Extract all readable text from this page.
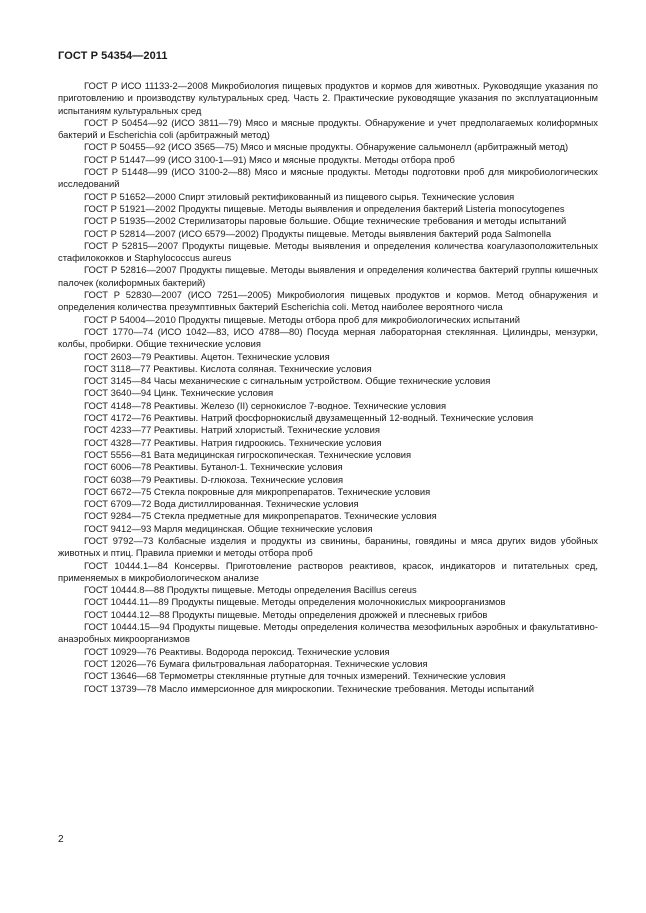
ГОСТ Р 54354—2011

ГОСТ Р ИСО 11133-2—2008 Микробиология пищевых продуктов и кормов для животных. Руководящие указания по приготовлению и производству культуральных сред. Часть 2. Практические руководящие указания по эксплуатационным испытаниям культуральных сред

ГОСТ Р 50454—92 (ИСО 3811—79) Мясо и мясные продукты. Обнаружение и учет предполагаемых колиформных бактерий и Escherichia coli (арбитражный метод)

ГОСТ Р 50455—92 (ИСО 3565—75) Мясо и мясные продукты. Обнаружение сальмонелл (арбитражный метод)

ГОСТ Р 51447—99 (ИСО 3100-1—91) Мясо и мясные продукты. Методы отбора проб

ГОСТ Р 51448—99 (ИСО 3100-2—88) Мясо и мясные продукты. Методы подготовки проб для микробиологических исследований

ГОСТ Р 51652—2000 Спирт этиловый ректификованный из пищевого сырья. Технические условия

ГОСТ Р 51921—2002 Продукты пищевые. Методы выявления и определения бактерий Listeria monocytogenes

ГОСТ Р 51935—2002 Стерилизаторы паровые большие. Общие технические требования и методы испытаний

ГОСТ Р 52814—2007 (ИСО 6579—2002) Продукты пищевые. Методы выявления бактерий рода Salmonella

ГОСТ Р 52815—2007 Продукты пищевые. Методы выявления и определения количества коагулазоположительных стафилококков и Staphylococcus aureus

ГОСТ Р 52816—2007 Продукты пищевые. Методы выявления и определения количества бактерий группы кишечных палочек (колиформных бактерий)

ГОСТ Р 52830—2007 (ИСО 7251—2005) Микробиология пищевых продуктов и кормов. Метод обнаружения и определения количества презумптивных бактерий Escherichia coli. Метод наиболее вероятного числа

ГОСТ Р 54004—2010 Продукты пищевые. Методы отбора проб для микробиологических испытаний

ГОСТ 1770—74 (ИСО 1042—83, ИСО 4788—80) Посуда мерная лабораторная стеклянная. Цилиндры, мензурки, колбы, пробирки. Общие технические условия

ГОСТ 2603—79 Реактивы. Ацетон. Технические условия

ГОСТ 3118—77 Реактивы. Кислота соляная. Технические условия

ГОСТ 3145—84 Часы механические с сигнальным устройством. Общие технические условия

ГОСТ 3640—94 Цинк. Технические условия

ГОСТ 4148—78 Реактивы. Железо (II) сернокислое 7-водное. Технические условия

ГОСТ 4172—76 Реактивы. Натрий фосфорнокислый двузамещенный 12-водный. Технические условия

ГОСТ 4233—77 Реактивы. Натрий хлористый. Технические условия

ГОСТ 4328—77 Реактивы. Натрия гидроокись. Технические условия

ГОСТ 5556—81 Вата медицинская гигроскопическая. Технические условия

ГОСТ 6006—78 Реактивы. Бутанол-1. Технические условия

ГОСТ 6038—79 Реактивы. D-глюкоза. Технические условия

ГОСТ 6672—75 Стекла покровные для микропрепаратов. Технические условия

ГОСТ 6709—72 Вода дистиллированная. Технические условия

ГОСТ 9284—75 Стекла предметные для микропрепаратов. Технические условия

ГОСТ 9412—93 Марля медицинская. Общие технические условия

ГОСТ 9792—73 Колбасные изделия и продукты из свинины, баранины, говядины и мяса других видов убойных животных и птиц. Правила приемки и методы отбора проб

ГОСТ 10444.1—84 Консервы. Приготовление растворов реактивов, красок, индикаторов и питательных сред, применяемых в микробиологическом анализе

ГОСТ 10444.8—88 Продукты пищевые. Методы определения Bacillus cereus

ГОСТ 10444.11—89 Продукты пищевые. Методы определения молочнокислых микроорганизмов

ГОСТ 10444.12—88 Продукты пищевые. Методы определения дрожжей и плесневых грибов

ГОСТ 10444.15—94 Продукты пищевые. Методы определения количества мезофильных аэробных и факультативно-анаэробных микроорганизмов

ГОСТ 10929—76 Реактивы. Водорода пероксид. Технические условия

ГОСТ 12026—76 Бумага фильтровальная лабораторная. Технические условия

ГОСТ 13646—68 Термометры стеклянные ртутные для точных измерений. Технические условия

ГОСТ 13739—78 Масло иммерсионное для микроскопии. Технические требования. Методы испытаний

2
